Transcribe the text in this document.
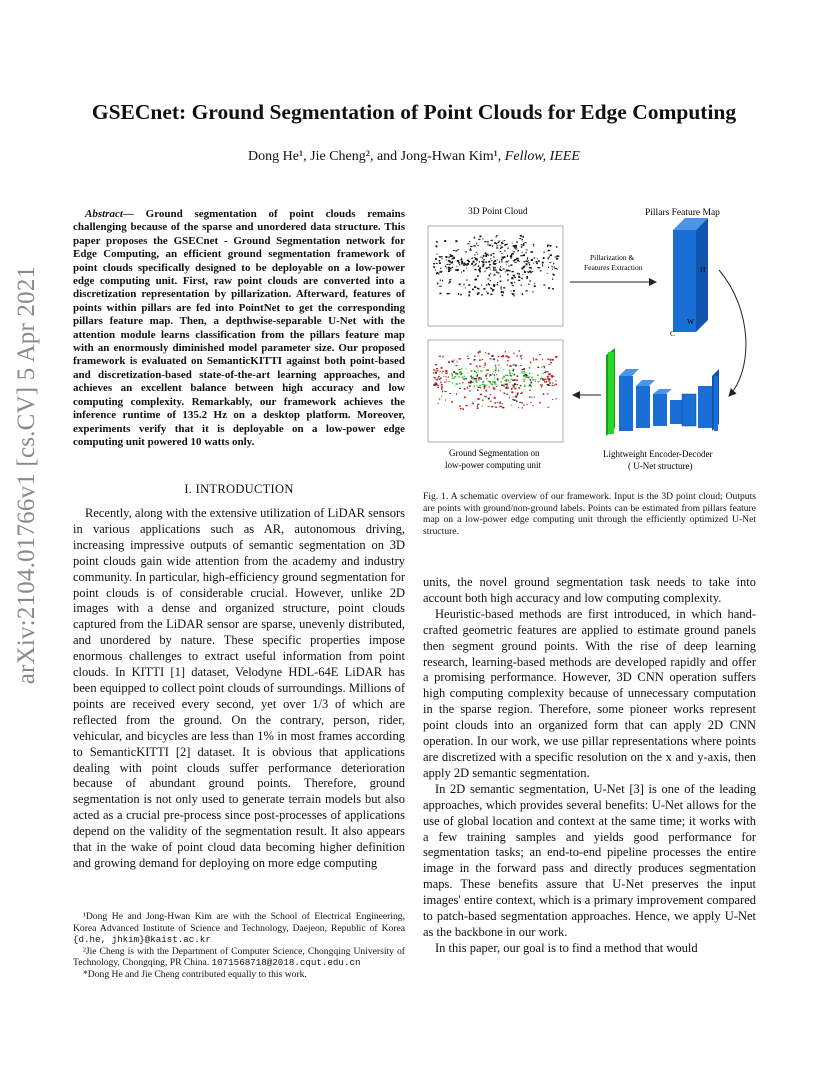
arXiv:2104.01766v1 [cs.CV] 5 Apr 2021
GSECnet: Ground Segmentation of Point Clouds for Edge Computing
Dong He¹, Jie Cheng², and Jong-Hwan Kim¹, Fellow, IEEE

Abstract— Ground segmentation of point clouds remains challenging because of the sparse and unordered data structure. This paper proposes the GSECnet - Ground Segmentation network for Edge Computing, an efficient ground segmentation framework of point clouds specifically designed to be deployable on a low-power edge computing unit. First, raw point clouds are converted into a discretization representation by pillarization. Afterward, features of points within pillars are fed into PointNet to get the corresponding pillars feature map. Then, a depthwise-separable U-Net with the attention module learns classification from the pillars feature map with an enormously diminished model parameter size. Our proposed framework is evaluated on SemanticKITTI against both point-based and discretization-based state-of-the-art learning approaches, and achieves an excellent balance between high accuracy and low computing complexity. Remarkably, our framework achieves the inference runtime of 135.2 Hz on a desktop platform. Moreover, experiments verify that it is deployable on a low-power edge computing unit powered 10 watts only.

I. INTRODUCTION

Recently, along with the extensive utilization of LiDAR sensors in various applications such as AR, autonomous driving, increasing impressive outputs of semantic segmentation on 3D point clouds gain wide attention from the academy and industry community. In particular, high-efficiency ground segmentation for point clouds is of considerable crucial. However, unlike 2D images with a dense and organized structure, point clouds captured from the LiDAR sensor are sparse, unevenly distributed, and unordered by nature. These specific properties impose enormous challenges to extract useful information from point clouds. In KITTI [1] dataset, Velodyne HDL-64E LiDAR has been equipped to collect point clouds of surroundings. Millions of points are received every second, yet over 1/3 of which are reflected from the ground. On the contrary, person, rider, vehicular, and bicycles are less than 1% in most frames according to SemanticKITTI [2] dataset. It is obvious that applications dealing with point clouds suffer performance deterioration because of abundant ground points. Therefore, ground segmentation is not only used to generate terrain models but also acted as a crucial pre-process since post-processes of applications depend on the validity of the segmentation result. It also appears that in the wake of point cloud data becoming higher definition and growing demand for deploying on more edge computing

¹Dong He and Jong-Hwan Kim are with the School of Electrical Engineering, Korea Advanced Institute of Science and Technology, Daejeon, Republic of Korea {d.he, jhkim}@kaist.ac.kr

²Jie Cheng is with the Department of Computer Science, Chongqing University of Technology, Chongqing, PR China. 1071568718@2018.cqut.edu.cn

*Dong He and Jie Cheng contributed equally to this work.

3D Point Cloud	Pillars Feature Map
Pillarization &
Features Extraction	H
W
C
Ground Segmentation on
low-power computing unit
Lightweight Encoder-Decoder
( U-Net structure)
Fig. 1. A schematic overview of our framework. Input is the 3D point cloud; Outputs are points with ground/non-ground labels. Points can be estimated from pillars feature map on a low-power edge computing unit through the efficiently optimized U-Net structure.

units, the novel ground segmentation task needs to take into account both high accuracy and low computing complexity.

Heuristic-based methods are first introduced, in which hand-crafted geometric features are applied to estimate ground panels then segment ground points. With the rise of deep learning research, learning-based methods are developed rapidly and offer a promising performance. However, 3D CNN operation suffers high computing complexity because of unnecessary computation in the sparse region. Therefore, some pioneer works represent point clouds into an organized form that can apply 2D CNN operation. In our work, we use pillar representations where points are discretized with a specific resolution on the x and y-axis, then apply 2D semantic segmentation.

In 2D semantic segmentation, U-Net [3] is one of the leading approaches, which provides several benefits: U-Net allows for the use of global location and context at the same time; it works with a few training samples and yields good performance for segmentation tasks; an end-to-end pipeline processes the entire image in the forward pass and directly produces segmentation maps. These benefits assure that U-Net preserves the input images' entire context, which is a primary improvement compared to patch-based segmentation approaches. Hence, we apply U-Net as the backbone in our work.

In this paper, our goal is to find a method that would
